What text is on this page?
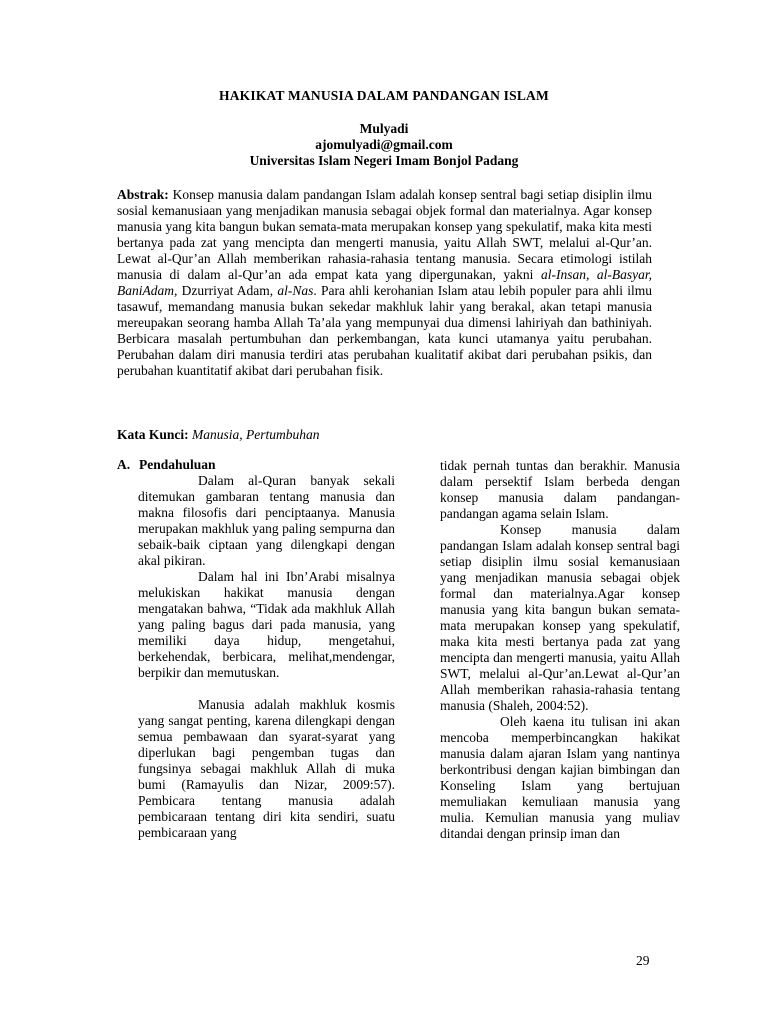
HAKIKAT MANUSIA DALAM PANDANGAN ISLAM
Mulyadi
ajomulyadi@gmail.com
Universitas Islam Negeri Imam Bonjol Padang

Abstrak: Konsep manusia dalam pandangan Islam adalah konsep sentral bagi setiap disiplin ilmu sosial kemanusiaan yang menjadikan manusia sebagai objek formal dan materialnya. Agar konsep manusia yang kita bangun bukan semata-mata merupakan konsep yang spekulatif, maka kita mesti bertanya pada zat yang mencipta dan mengerti manusia, yaitu Allah SWT, melalui al-Qur’an. Lewat al-Qur’an Allah memberikan rahasia-rahasia tentang manusia. Secara etimologi istilah manusia di dalam al-Qur’an ada empat kata yang dipergunakan, yakni al-Insan, al-Basyar, BaniAdam, Dzurriyat Adam, al-Nas. Para ahli kerohanian Islam atau lebih populer para ahli ilmu tasawuf, memandang manusia bukan sekedar makhluk lahir yang berakal, akan tetapi manusia mereupakan seorang hamba Allah Ta’ala yang mempunyai dua dimensi lahiriyah dan bathiniyah. Berbicara masalah pertumbuhan dan perkembangan, kata kunci utamanya yaitu perubahan. Perubahan dalam diri manusia terdiri atas perubahan kualitatif akibat dari perubahan psikis, dan perubahan kuantitatif akibat dari perubahan fisik.

Kata Kunci: Manusia, Pertumbuhan
A. Pendahuluan

Dalam al-Quran banyak sekali ditemukan gambaran tentang manusia dan makna filosofis dari penciptaanya. Manusia merupakan makhluk yang paling sempurna dan sebaik-baik ciptaan yang dilengkapi dengan akal pikiran.

Dalam hal ini Ibn’Arabi misalnya melukiskan hakikat manusia dengan mengatakan bahwa, “Tidak ada makhluk Allah yang paling bagus dari pada manusia, yang memiliki daya hidup, mengetahui, berkehendak, berbicara, melihat,mendengar, berpikir dan memutuskan.

Manusia adalah makhluk kosmis yang sangat penting, karena dilengkapi dengan semua pembawaan dan syarat-syarat yang diperlukan bagi pengemban tugas dan fungsinya sebagai makhluk Allah di muka bumi (Ramayulis dan Nizar, 2009:57). Pembicara tentang manusia adalah pembicaraan tentang diri kita sendiri, suatu pembicaraan yang

tidak pernah tuntas dan berakhir. Manusia dalam persektif Islam berbeda dengan konsep manusia dalam pandangan-pandangan agama selain Islam.

Konsep manusia dalam pandangan Islam adalah konsep sentral bagi setiap disiplin ilmu sosial kemanusiaan yang menjadikan manusia sebagai objek formal dan materialnya.Agar konsep manusia yang kita bangun bukan semata-mata merupakan konsep yang spekulatif, maka kita mesti bertanya pada zat yang mencipta dan mengerti manusia, yaitu Allah SWT, melalui al-Qur’an.Lewat al-Qur’an Allah memberikan rahasia-rahasia tentang manusia (Shaleh, 2004:52).

Oleh kaena itu tulisan ini akan mencoba memperbincangkan hakikat manusia dalam ajaran Islam yang nantinya berkontribusi dengan kajian bimbingan dan Konseling Islam yang bertujuan memuliakan kemuliaan manusia yang mulia. Kemulian manusia yang muliav ditandai dengan prinsip iman dan

29
